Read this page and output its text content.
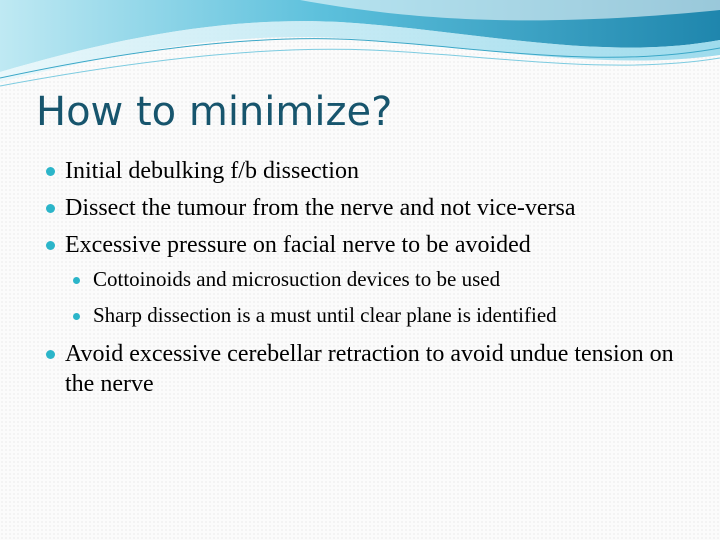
How to minimize?
Initial debulking f/b dissection
Dissect the tumour from the nerve and not vice-versa
Excessive pressure on facial nerve to be avoided
Cottoinoids and microsuction devices to be used
Sharp dissection is a must until clear plane is identified
Avoid excessive cerebellar retraction to avoid undue tension on the nerve
